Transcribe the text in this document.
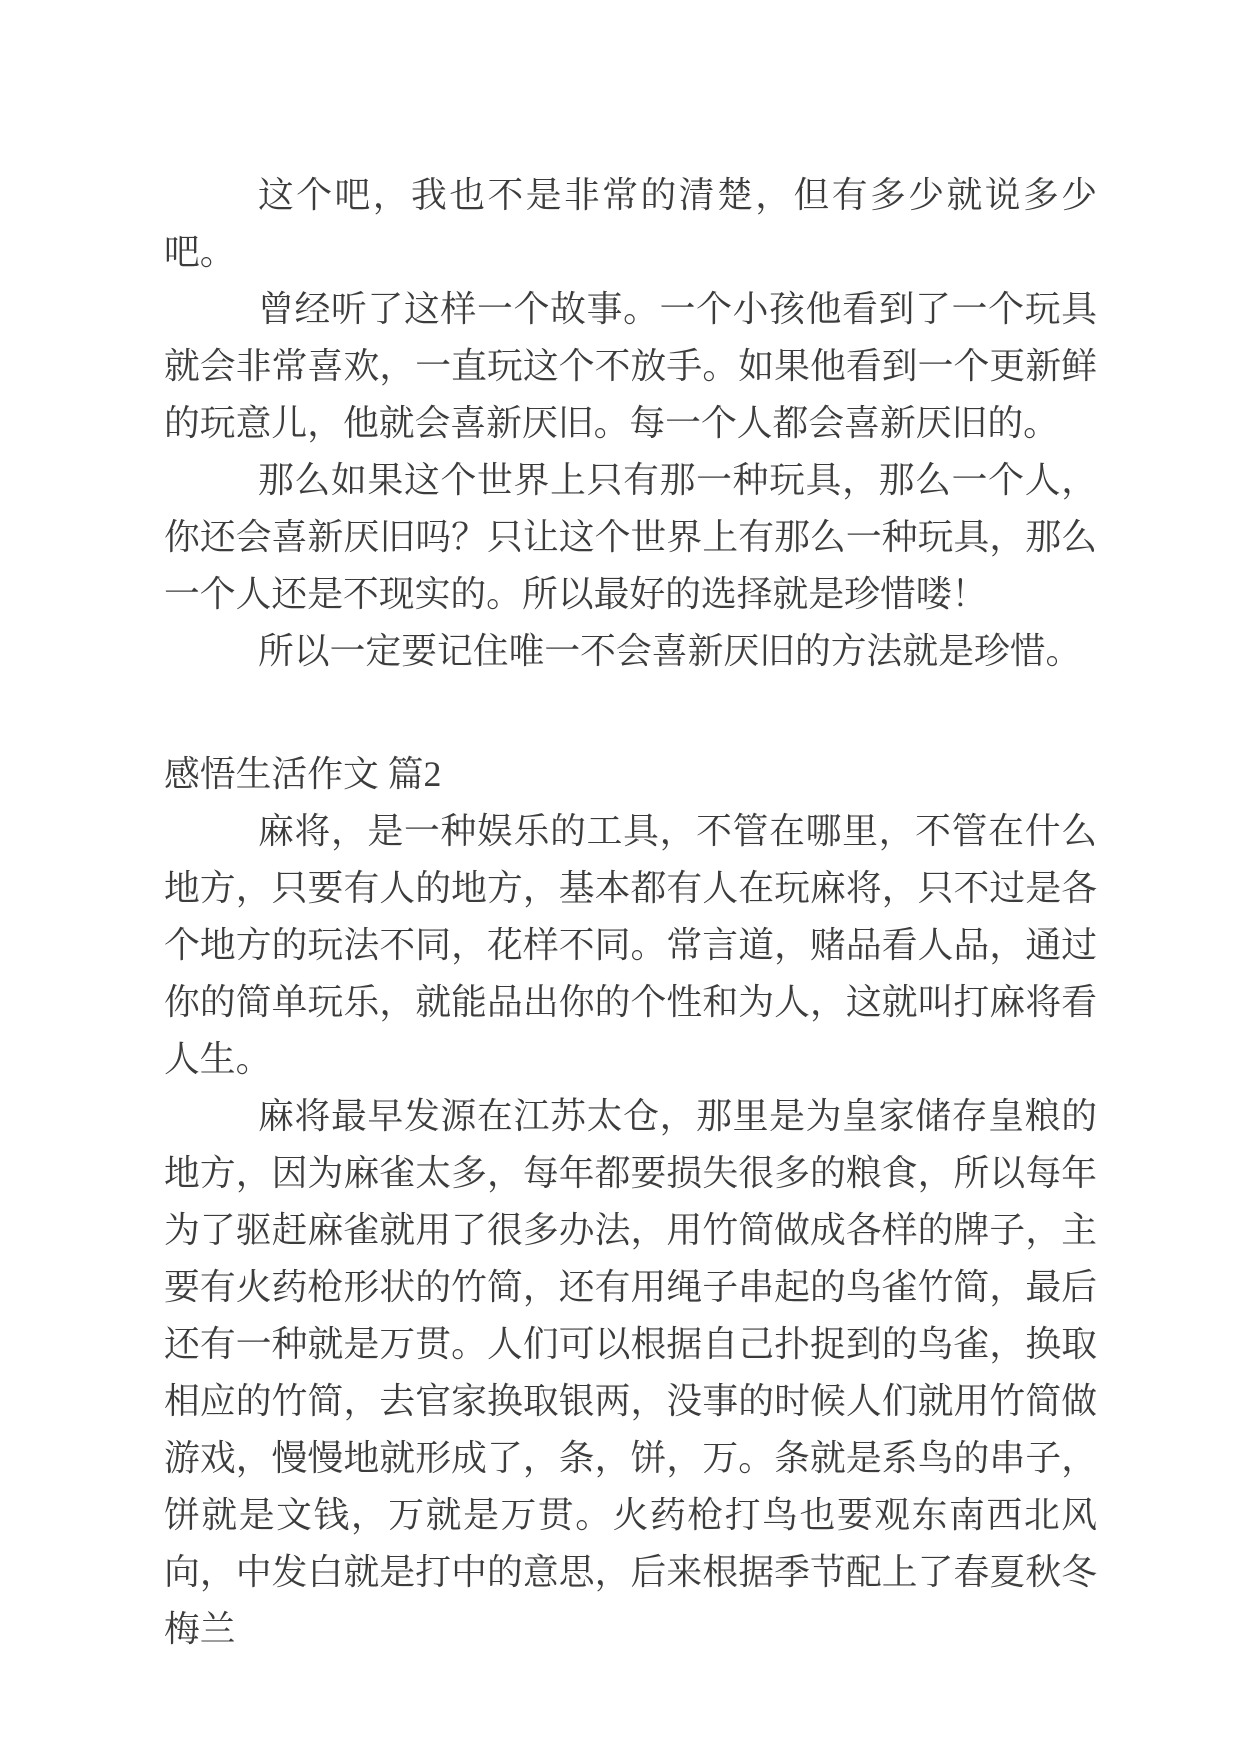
这个吧，我也不是非常的清楚，但有多少就说多少吧。

曾经听了这样一个故事。一个小孩他看到了一个玩具就会非常喜欢，一直玩这个不放手。如果他看到一个更新鲜的玩意儿，他就会喜新厌旧。每一个人都会喜新厌旧的。

那么如果这个世界上只有那一种玩具，那么一个人，你还会喜新厌旧吗？只让这个世界上有那么一种玩具，那么一个人还是不现实的。所以最好的选择就是珍惜喽！

所以一定要记住唯一不会喜新厌旧的方法就是珍惜。

感悟生活作文 篇2

麻将，是一种娱乐的工具，不管在哪里，不管在什么地方，只要有人的地方，基本都有人在玩麻将，只不过是各个地方的玩法不同，花样不同。常言道，赌品看人品，通过你的简单玩乐，就能品出你的个性和为人，这就叫打麻将看人生。

麻将最早发源在江苏太仓，那里是为皇家储存皇粮的地方，因为麻雀太多，每年都要损失很多的粮食，所以每年为了驱赶麻雀就用了很多办法，用竹简做成各样的牌子，主要有火药枪形状的竹简，还有用绳子串起的鸟雀竹简，最后还有一种就是万贯。人们可以根据自己扑捉到的鸟雀，换取相应的竹简，去官家换取银两，没事的时候人们就用竹简做游戏，慢慢地就形成了，条，饼，万。条就是系鸟的串子，饼就是文钱，万就是万贯。火药枪打鸟也要观东南西北风向，中发白就是打中的意思，后来根据季节配上了春夏秋冬梅兰
